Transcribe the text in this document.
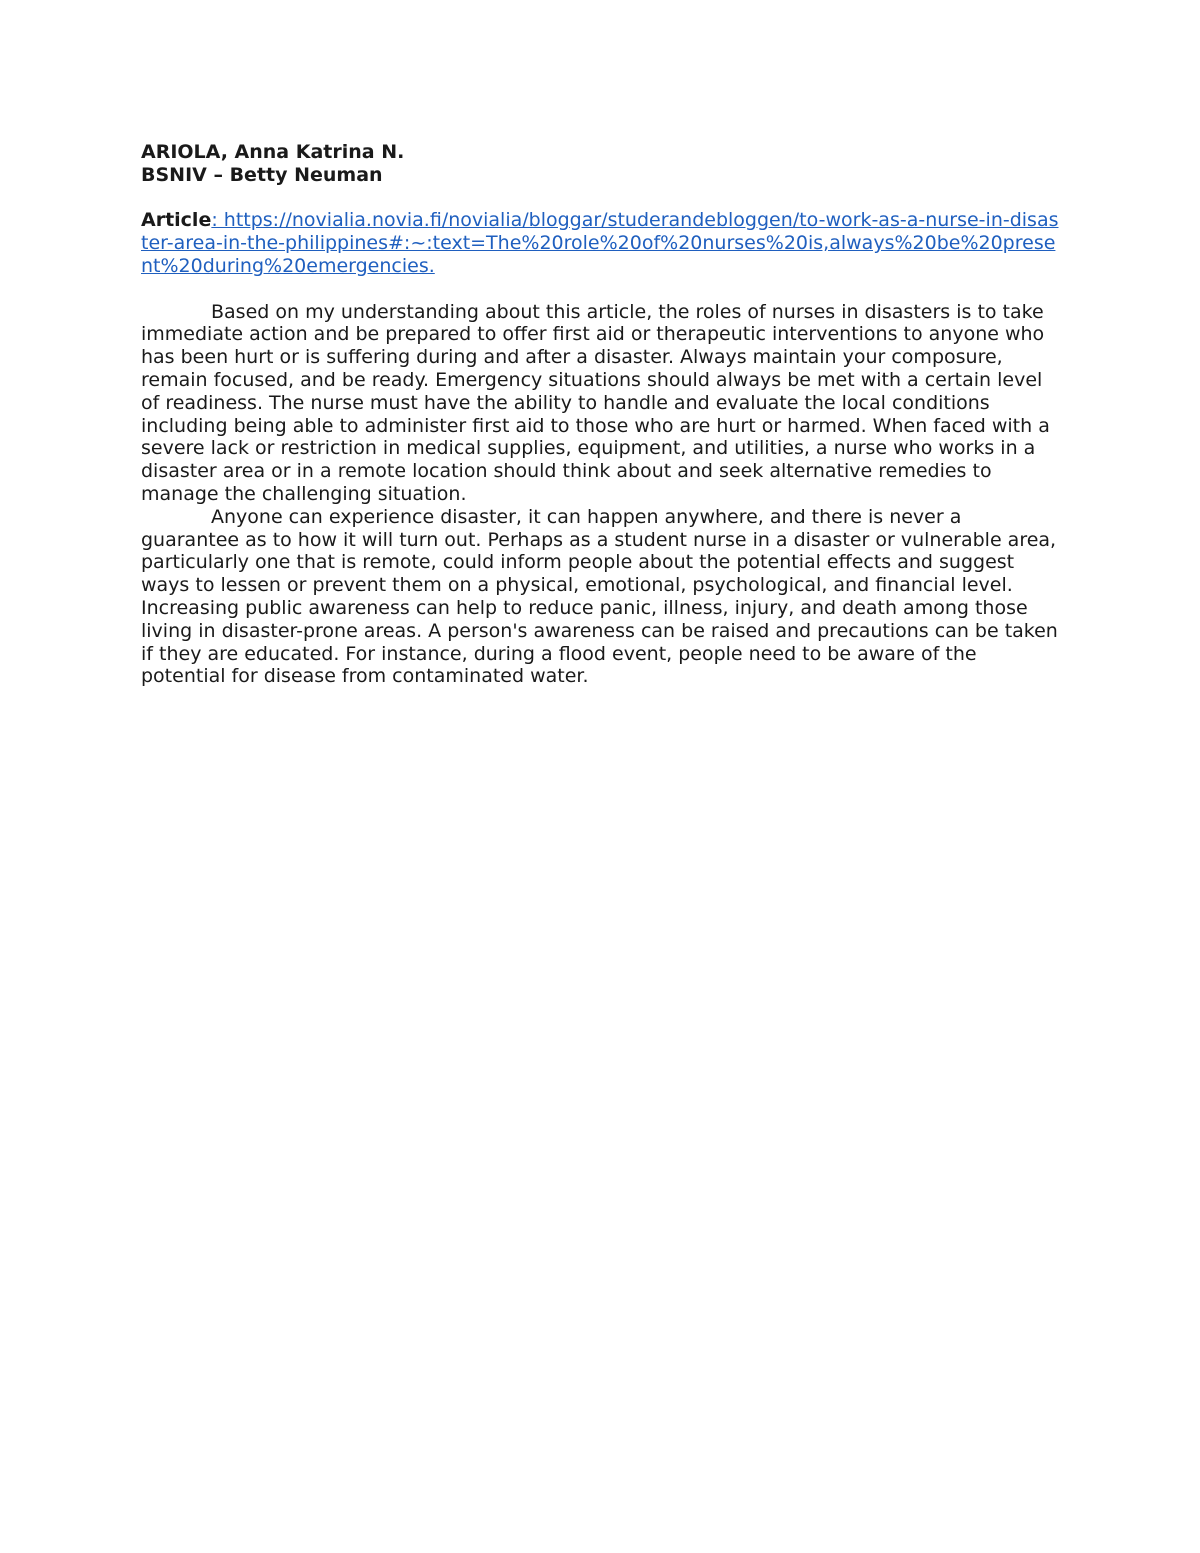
ARIOLA, Anna Katrina N.

BSNIV – Betty Neuman

Article: https://novialia.novia.fi/novialia/bloggar/studerandebloggen/to-work-as-a-nurse-in-disaster-area-in-the-philippines#:~:text=The%20role%20of%20nurses%20is,always%20be%20present%20during%20emergencies.

Based on my understanding about this article, the roles of nurses in disasters is to take immediate action and be prepared to offer first aid or therapeutic interventions to anyone who has been hurt or is suffering during and after a disaster. Always maintain your composure, remain focused, and be ready. Emergency situations should always be met with a certain level of readiness. The nurse must have the ability to handle and evaluate the local conditions including being able to administer first aid to those who are hurt or harmed. When faced with a severe lack or restriction in medical supplies, equipment, and utilities, a nurse who works in a disaster area or in a remote location should think about and seek alternative remedies to manage the challenging situation.

Anyone can experience disaster, it can happen anywhere, and there is never a guarantee as to how it will turn out. Perhaps as a student nurse in a disaster or vulnerable area, particularly one that is remote, could inform people about the potential effects and suggest ways to lessen or prevent them on a physical, emotional, psychological, and financial level. Increasing public awareness can help to reduce panic, illness, injury, and death among those living in disaster-prone areas. A person's awareness can be raised and precautions can be taken if they are educated. For instance, during a flood event, people need to be aware of the potential for disease from contaminated water.
